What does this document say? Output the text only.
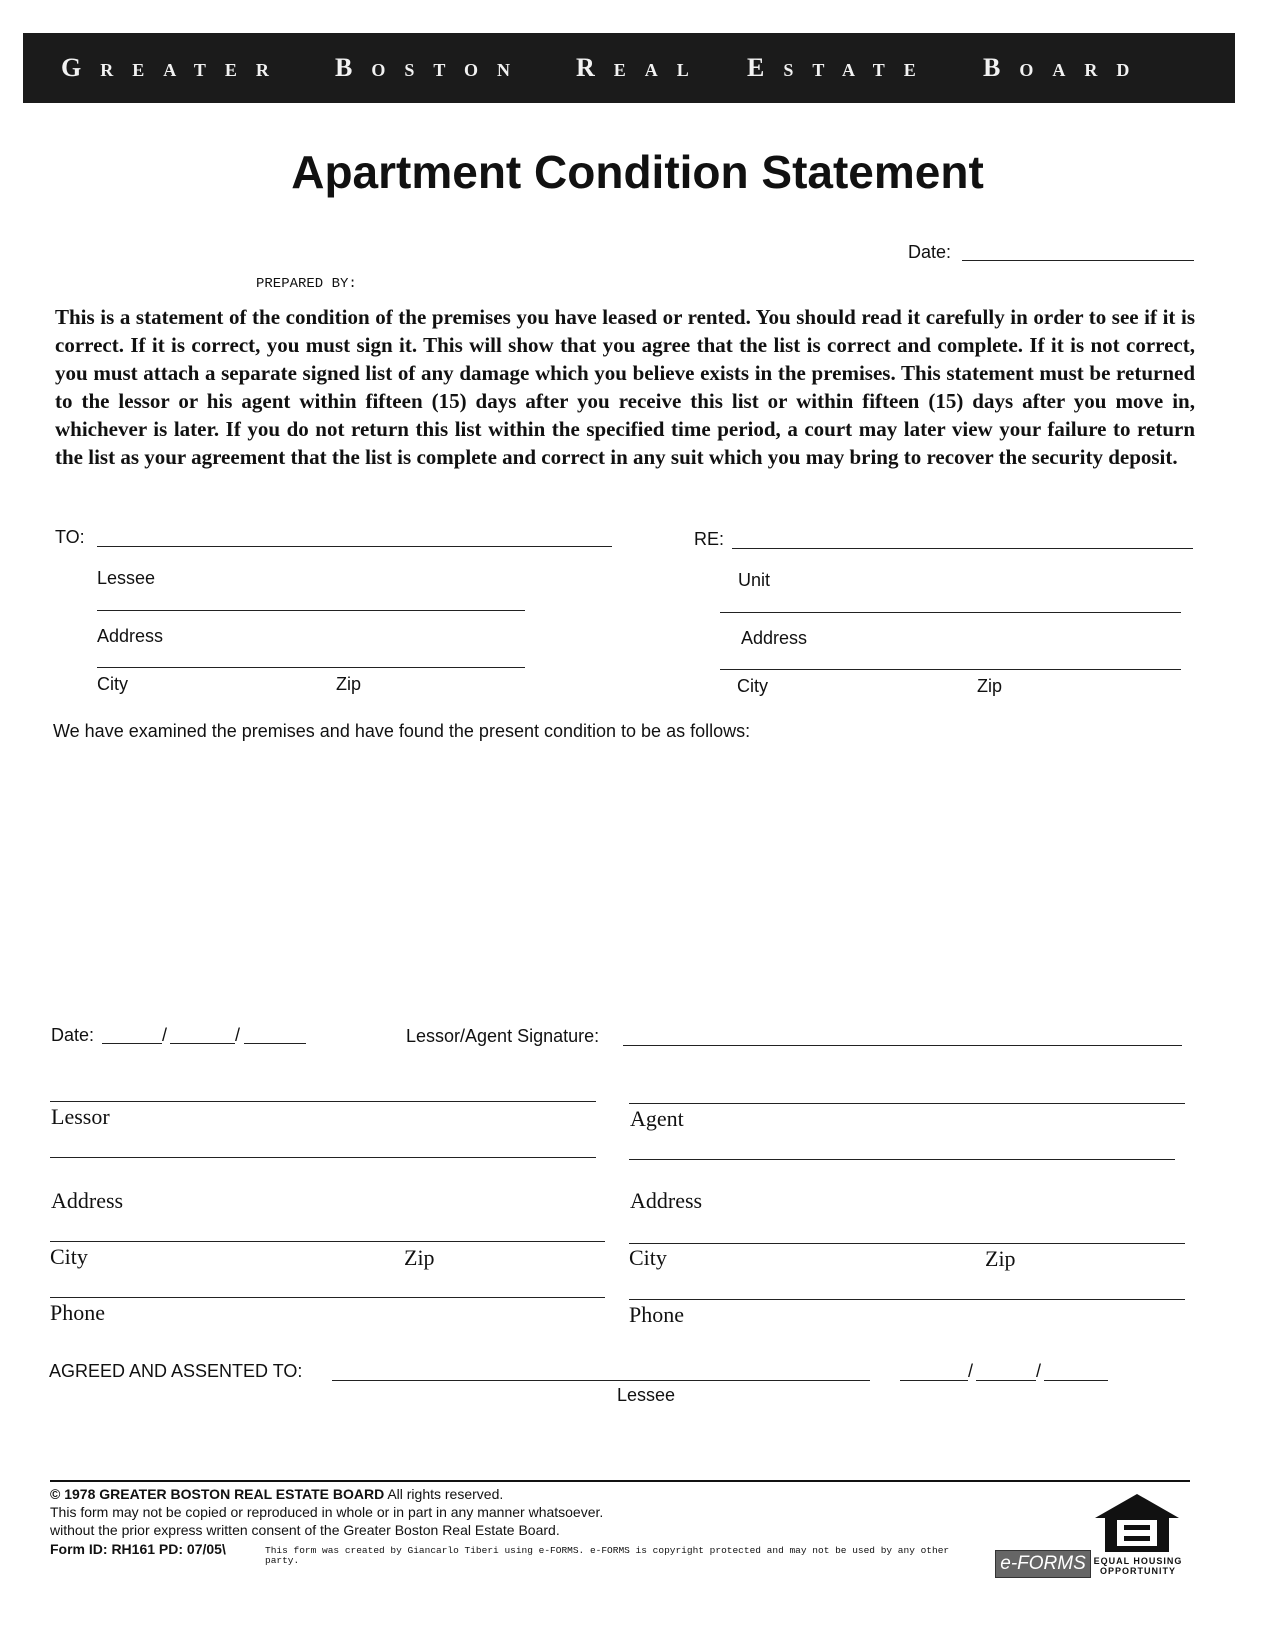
GREATER BOSTON REAL ESTATE BOARD
Apartment Condition Statement
Date:
PREPARED BY:
This is a statement of the condition of the premises you have leased or rented. You should read it carefully in order to see if it is correct. If it is correct, you must sign it. This will show that you agree that the list is correct and complete. If it is not correct, you must attach a separate signed list of any damage which you believe exists in the premises. This statement must be returned to the lessor or his agent within fifteen (15) days after you receive this list or within fifteen (15) days after you move in, whichever is later. If you do not return this list within the specified time period, a court may later view your failure to return the list as your agreement that the list is complete and correct in any suit which you may bring to recover the security deposit.
TO:
Lessee
Address
City	Zip
RE:
Unit
Address
City	Zip
We have examined the premises and have found the present condition to be as follows:
Date:	/	/	Lessor/Agent Signature:
Lessor
Address
City	Zip
Phone
Agent
Address
City	Zip
Phone
AGREED AND ASSENTED TO:
Lessee
/	/
© 1978 GREATER BOSTON REAL ESTATE BOARD All rights reserved.
This form may not be copied or reproduced in whole or in part in any manner whatsoever.
without the prior express written consent of the Greater Boston Real Estate Board.
Form ID: RH161 PD: 07/05\	This form was created by Giancarlo Tiberi using e-FORMS. e-FORMS is copyright protected and may not be used by any other party.	e-FORMS EQUAL HOUSING
OPPORTUNITY
